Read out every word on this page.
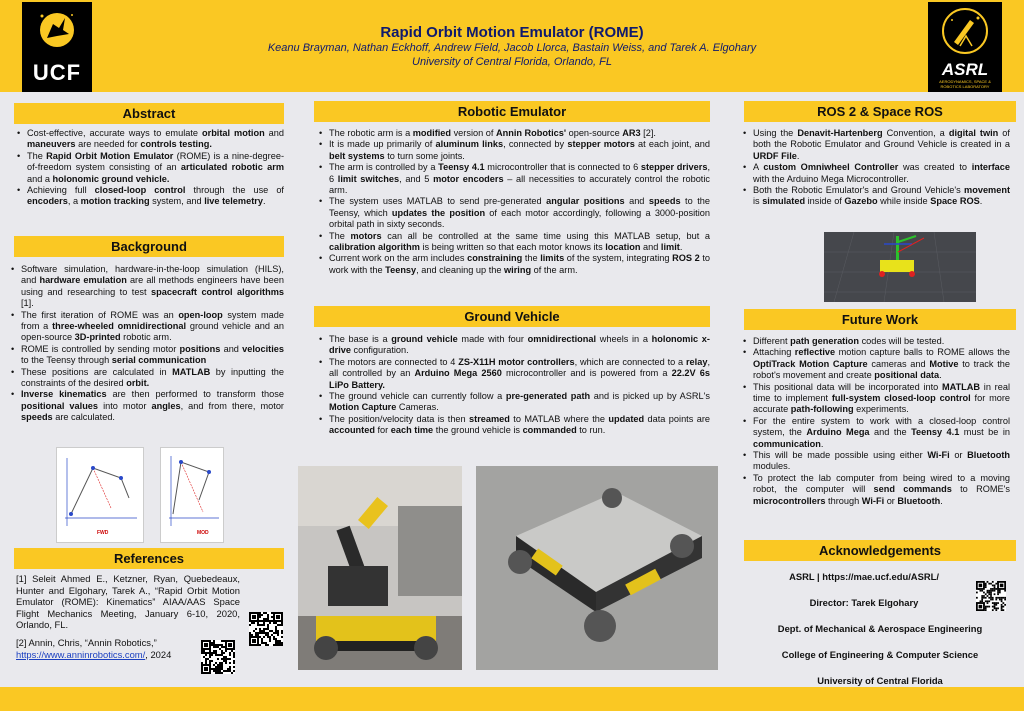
UCF
Rapid Orbit Motion Emulator (ROME)
Keanu Brayman, Nathan Eckhoff, Andrew Field, Jacob Llorca, Bastain Weiss, and Tarek A. Elgohary
University of Central Florida, Orlando, FL	ASRL
AERODYNAMICS, SPACE & ROBOTICS LABORATORY
Abstract
• Cost-effective, accurate ways to emulate orbital motion and maneuvers are needed for controls testing.
• The Rapid Orbit Motion Emulator (ROME) is a nine-degree-of-freedom system consisting of an articulated robotic arm and a holonomic ground vehicle.
• Achieving full closed-loop control through the use of encoders, a motion tracking system, and live telemetry.
Background
• Software simulation, hardware-in-the-loop simulation (HILS), and hardware emulation are all methods engineers have been using and researching to test spacecraft control algorithms [1].
• The first iteration of ROME was an open-loop system made from a three-wheeled omnidirectional ground vehicle and an open-source 3D-printed robotic arm.
• ROME is controlled by sending motor positions and velocities to the Teensy through serial communication
• These positions are calculated in MATLAB by inputting the constraints of the desired orbit.
• Inverse kinematics are then performed to transform those positional values into motor angles, and from there, motor speeds are calculated.
FWD	MOD
References

[1] Seleit Ahmed E., Ketzner, Ryan, Quebedeaux, Hunter and Elgohary, Tarek A., “Rapid Orbit Motion Emulator (ROME): Kinematics” AIAA/AAS Space Flight Mechanics Meeting, January 6-10, 2020, Orlando, FL.

[2] Annin, Chris, “Annin Robotics,”
https://www.anninrobotics.com/, 2024

Robotic Emulator
• The robotic arm is a modified version of Annin Robotics' open-source AR3 [2].
• It is made up primarily of aluminum links, connected by stepper motors at each joint, and belt systems to turn some joints.
• The arm is controlled by a Teensy 4.1 microcontroller that is connected to 6 stepper drivers, 6 limit switches, and 5 motor encoders – all necessities to accurately control the robotic arm.
• The system uses MATLAB to send pre-generated angular positions and speeds to the Teensy, which updates the position of each motor accordingly, following a 3000-position orbital path in sixty seconds.
• The motors can all be controlled at the same time using this MATLAB setup, but a calibration algorithm is being written so that each motor knows its location and limit.
• Current work on the arm includes constraining the limits of the system, integrating ROS 2 to work with the Teensy, and cleaning up the wiring of the arm.
Ground Vehicle
• The base is a ground vehicle made with four omnidirectional wheels in a holonomic x-drive configuration.
• The motors are connected to 4 ZS-X11H motor controllers, which are connected to a relay, all controlled by an Arduino Mega 2560 microcontroller and is powered from a 22.2V 6s LiPo Battery.
• The ground vehicle can currently follow a pre-generated path and is picked up by ASRL's Motion Capture Cameras.
• The position/velocity data is then streamed to MATLAB where the updated data points are accounted for each time the ground vehicle is commanded to run.
ROS 2 & Space ROS
• Using the Denavit-Hartenberg Convention, a digital twin of both the Robotic Emulator and Ground Vehicle is created in a URDF File.
• A custom Omniwheel Controller was created to interface with the Arduino Mega Microcontroller.
• Both the Robotic Emulator's and Ground Vehicle's movement is simulated inside of Gazebo while inside Space ROS.
Future Work
• Different path generation codes will be tested.
• Attaching reflective motion capture balls to ROME allows the OptiTrack Motion Capture cameras and Motive to track the robot's movement and create positional data.
• This positional data will be incorporated into MATLAB in real time to implement full-system closed-loop control for more accurate path-following experiments.
• For the entire system to work with a closed-loop control system, the Arduino Mega and the Teensy 4.1 must be in communication.
• This will be made possible using either Wi-Fi or Bluetooth modules.
• To protect the lab computer from being wired to a moving robot, the computer will send commands to ROME's microcontrollers through Wi-Fi or Bluetooth.
Acknowledgements
ASRL | https://mae.ucf.edu/ASRL/
Director: Tarek Elgohary
Dept. of Mechanical & Aerospace Engineering
College of Engineering & Computer Science
University of Central Florida
